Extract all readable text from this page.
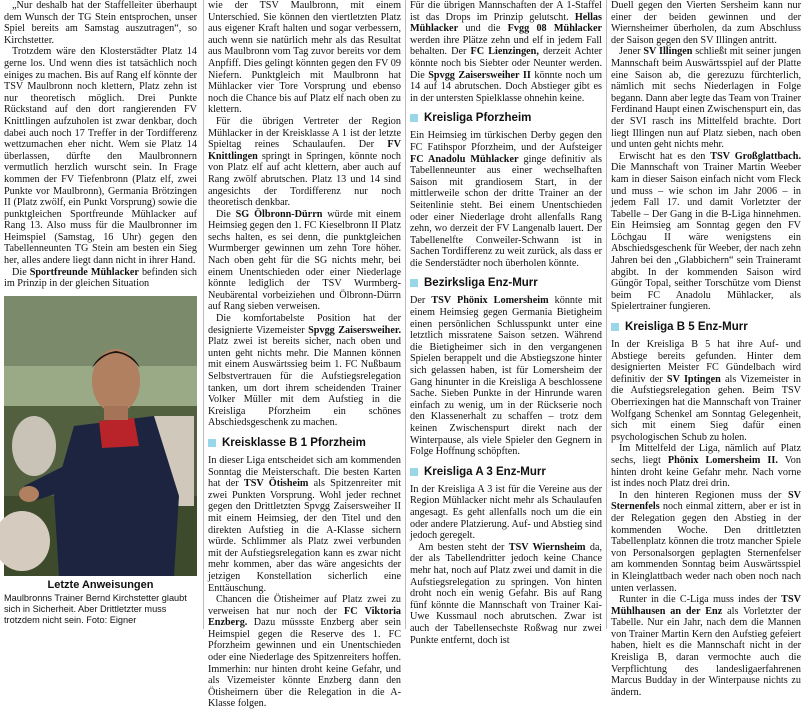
„Nur deshalb hat der Staffelleiter überhaupt dem Wunsch der TG Stein entsprochen, unser Spiel bereits am Samstag auszutragen“, so Kirchstetter.

Trotzdem wäre den Klosterstädter Platz 14 gerne los. Und wenn dies ist tatsächlich noch einiges zu machen. Bis auf Rang elf könnte der TSV Maulbronn noch klettern, Platz zehn ist nur theoretisch möglich. Drei Punkte Rückstand auf den dort rangierenden FV Knittlingen aufzuholen ist zwar denkbar, doch dabei auch noch 17 Treffer in der Tordifferenz wettzumachen eher nicht. Wem sie Platz 14 überlassen, dürfte den Maulbronnern vermutlich herzlich wurscht sein. In Frage kommen der FV Tiefenbronn (Platz elf, zwei Punkte vor Maulbronn), Germania Brötzingen II (Platz zwölf, ein Punkt Vorsprung) sowie die punktgleichen Sportfreunde Mühlacker auf Rang 13. Also muss für die Maulbronner im Heimspiel (Samstag, 16 Uhr) gegen den Tabellenneunten TG Stein am besten ein Sieg her, alles andere liegt dann nicht in ihrer Hand.

Die Sportfreunde Mühlacker befinden sich im Prinzip in der gleichen Situation

Letzte Anweisungen
Maulbronns Trainer Bernd Kirchstetter glaubt sich in Sicherheit. Aber Drittletzter muss trotzdem nicht sein. Foto: Eigner

wie der TSV Maulbronn, mit einem Unterschied. Sie können den viertletzten Platz aus eigener Kraft halten und sogar verbessern, auch wenn sie natürlich mehr als das Resultat aus Maulbronn vom Tag zuvor bereits vor dem Anpfiff. Dies gelingt könnten gegen den FV 09 Niefern. Punktgleich mit Maulbronn hat Mühlacker vier Tore Vorsprung und ebenso noch die Chance bis auf Platz elf nach oben zu klettern.

Für die übrigen Vertreter der Region Mühlacker in der Kreisklasse A 1 ist der letzte Spieltag reines Schaulaufen. Der FV Knittlingen springt in Springen, könnte noch von Platz elf auf acht klettern, aber auch auf Rang zwölf abrutschen. Platz 13 und 14 sind angesichts der Tordifferenz nur noch theoretisch denkbar.

Die SG Ölbronn-Dürrn würde mit einem Heimsieg gegen den 1. FC Kieselbronn II Platz sechs halten, es sei denn, die punktgleichen Wurmberger gewinnen um zehn Tore höher. Nach oben geht für die SG nichts mehr, bei einem Unentschieden oder einer Niederlage könnte lediglich der TSV Wurmberg-Neubärental vorbeiziehen und Ölbronn-Dürrn auf Rang sieben verweisen.

Die komfortabelste Position hat der designierte Vizemeister Spvgg Zaisersweiher. Platz zwei ist bereits sicher, nach oben und unten geht nichts mehr. Die Mannen können mit einem Auswärtssieg beim 1. FC Nußbaum Selbstvertrauen für die Aufstiegsrelegation tanken, um dort ihrem scheidenden Trainer Volker Müller mit dem Aufstieg in die Kreisliga Pforzheim ein schönes Abschiedsgeschenk zu machen.

Kreisklasse B 1 Pforzheim

In dieser Liga entscheidet sich am kommenden Sonntag die Meisterschaft. Die besten Karten hat der TSV Ötisheim als Spitzenreiter mit zwei Punkten Vorsprung. Wohl jeder rechnet gegen den Drittletzten Spvgg Zaisersweiher II mit einem Heimsieg, der den Titel und den direkten Aufstieg in die A-Klasse sichern würde. Schlimmer als Platz zwei verbunden mit der Aufstiegsrelegation kann es zwar nicht mehr kommen, aber das wäre angesichts der jetzigen Konstellation sicherlich eine Enttäuschung.

Chancen die Ötisheimer auf Platz zwei zu verweisen hat nur noch der FC Viktoria Enzberg. Dazu müssste Enzberg aber sein Heimspiel gegen die Reserve des 1. FC Pforzheim gewinnen und ein Unentschieden oder eine Niederlage des Spitzenreiters hoffen. Immerhin: nur hinten droht keine Gefahr, und als Vizemeister könnte Enzberg dann den Ötisheimern über die Relegation in die A-Klasse folgen.

Für die übrigen Mannschaften der A 1-Staffel ist das Drops im Prinzip gelutscht. Hellas Mühlacker und die Fvgg 08 Mühlacker werden ihre Plätze zehn und elf in jedem Fall behalten. Der FC Lienzingen, derzeit Achter könnte noch bis Siebter oder Neunter werden. Die Spvgg Zaisersweiher II könnte noch um 14 auf 14 abrutschen. Doch Abstieger gibt es in der untersten Spielklasse ohnehin keine.

Kreisliga Pforzheim

Ein Heimsieg im türkischen Derby gegen den FC Fatihspor Pforzheim, und der Aufsteiger FC Anadolu Mühlacker ginge definitiv als Tabellenneunter aus einer wechselhaften Saison mit grandiosem Start, in der mittlerweile schon der dritte Trainer an der Seitenlinie steht. Bei einem Unentschieden oder einer Niederlage droht allenfalls Rang zehn, wo derzeit der FV Langenalb lauert. Der Tabellenelfte Conweiler-Schwann ist in Sachen Tordifferenz zu weit zurück, als dass er die Senderstädter noch überholen könnte.

Bezirksliga Enz-Murr

Der TSV Phönix Lomersheim könnte mit einem Heimsieg gegen Germania Bietigheim einen persönlichen Schlusspunkt unter eine letztlich missratene Saison setzen. Während die Bietigheimer sich in den vergangenen Spielen berappelt und die Abstiegszone hinter sich gelassen haben, ist für Lomersheim der Gang hinunter in die Kreisliga A beschlossene Sache. Sieben Punkte in der Hinrunde waren einfach zu wenig, um in der Rückserie noch den Klassenerhalt zu schaffen – trotz dem keinen Zwischenspurt direkt nach der Winterpause, als viele Spieler den Gegnern in Folge Hoffnung schöpften.

Kreisliga A 3 Enz-Murr

In der Kreisliga A 3 ist für die Vereine aus der Region Mühlacker nicht mehr als Schaulaufen angesagt. Es geht allenfalls noch um die ein oder andere Platzierung. Auf- und Abstieg sind jedoch geregelt.

Am besten steht der TSV Wiernsheim da, der als Tabellendritter jedoch keine Chance mehr hat, noch auf Platz zwei und damit in die Aufstiegsrelegation zu springen. Von hinten droht noch ein wenig Gefahr. Bis auf Rang fünf könnte die Mannschaft von Trainer Kai-Uwe Kussmaul noch abrutschen. Zwar ist auch der Tabellensechste Roßwag nur zwei Punkte entfernt, doch ist

Duell gegen den Vierten Sersheim kann nur einer der beiden gewinnen und der Wiernsheimer überholen, da zum Abschluss der Saison gegen den SV Illingen antritt.

Jener SV Illingen schließt mit seiner jungen Mannschaft beim Auswärtsspiel auf der Platte eine Saison ab, die gerezuzu fürchterlich, nämlich mit sechs Niederlagen in Folge begann. Dann aber legte das Team von Trainer Ferdinand Haupt einen Zwischenspurt ein, das der SVI rasch ins Mittelfeld brachte. Dort liegt Illingen nun auf Platz sieben, nach oben und unten geht nichts mehr.

Erwischt hat es den TSV Großglattbach. Die Mannschaft von Trainer Martin Weeber kam in dieser Saison einfach nicht vom Fleck und muss – wie schon im Jahr 2006 – in jedem Fall 17. und damit Vorletzter der Tabelle – Der Gang in die B-Liga hinnehmen. Ein Heimsieg am Sonntag gegen den FV Löchgau II wäre wenigstens ein Abschiedsgeschenk für Weeber, der nach zehn Jahren bei den „Glabbichern“ sein Traineramt abgibt. In der kommenden Saison wird Güngör Topal, seither Torschütze vom Dienst beim FC Anadolu Mühlacker, als Spielertrainer fungieren.

Kreisliga B 5 Enz-Murr

In der Kreisliga B 5 hat ihre Auf- und Abstiege bereits gefunden. Hinter dem designierten Meister FC Gündelbach wird definitiv der SV Iptingen als Vizemeister in die Aufstiegsrelegation gehen. Beim TSV Oberriexingen hat die Mannschaft von Trainer Wolfgang Schenkel am Sonntag Gelegenheit, sich mit einem Sieg dafür einen psychologischen Schub zu holen.

Im Mittelfeld der Liga, nämlich auf Platz sechs, liegt Phönix Lomersheim II. Von hinten droht keine Gefahr mehr. Nach vorne ist indes noch Platz drei drin.

In den hinteren Regionen muss der SV Sternenfels noch einmal zittern, aber er ist in der Relegation gegen den Abstieg in der kommenden Woche. Den drittletzten Tabellenplatz können die trotz mancher Spiele von Personalsorgen geplagten Sternenfelser am kommenden Sonntag beim Auswärtsspiel in Kleinglattbach weder nach oben noch nach unten verlassen.

Runter in die C-Liga muss indes der TSV Mühlhausen an der Enz als Vorletzter der Tabelle. Nur ein Jahr, nach dem die Mannen von Trainer Martin Kern den Aufstieg gefeiert haben, hielt es die Mannschaft nicht in der Kreisliga B, daran vermochte auch die Verpflichtung des landesligaerfahrenen Marcus Budday in der Winterpause nichts zu ändern.
